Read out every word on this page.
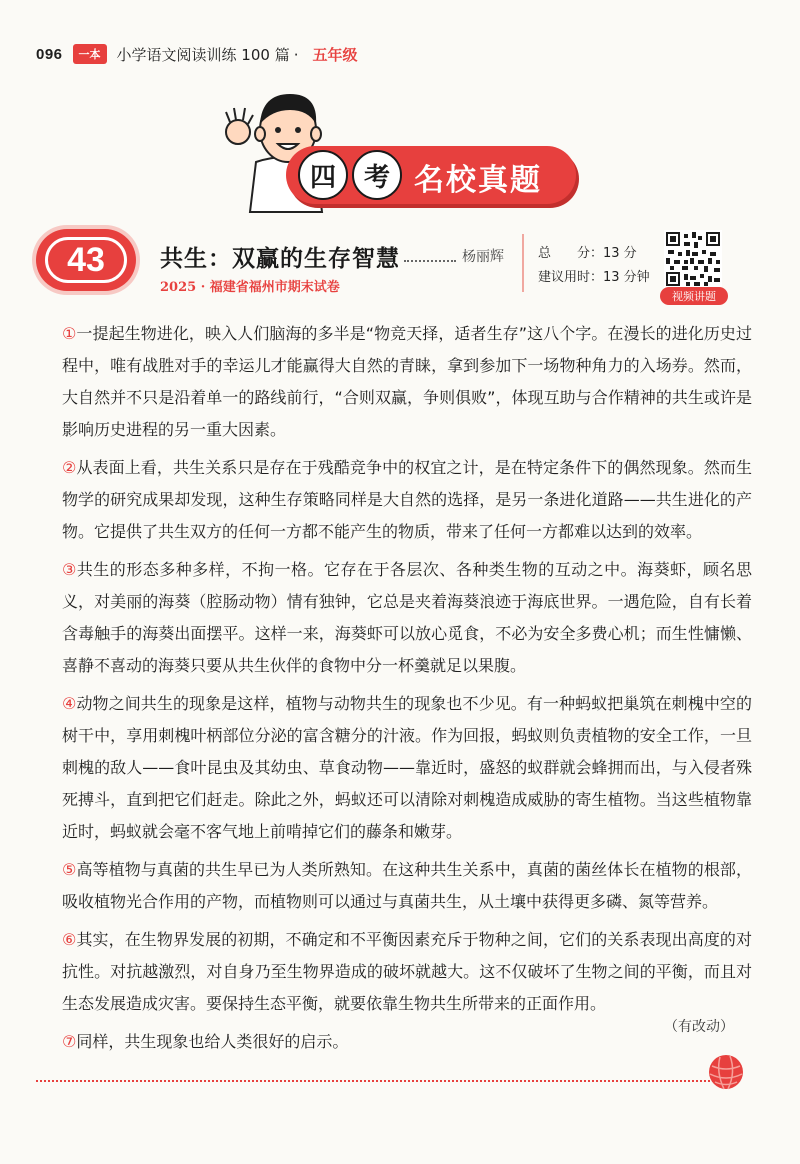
096	一本	小学语文阅读训练 100 篇 · 五年级
四	考 名校真题
43	共生：双赢的生存智慧	杨丽辉
2025 · 福建省福州市期末试卷
总　　分：13 分
建议用时：13 分钟
视频讲题

①一提起生物进化，映入人们脑海的多半是“物竞天择，适者生存”这八个字。在漫长的进化历史过程中，唯有战胜对手的幸运儿才能赢得大自然的青睐，拿到参加下一场物种角力的入场券。然而，大自然并不只是沿着单一的路线前行，“合则双赢，争则俱败”，体现互助与合作精神的共生或许是影响历史进程的另一重大因素。

②从表面上看，共生关系只是存在于残酷竞争中的权宜之计，是在特定条件下的偶然现象。然而生物学的研究成果却发现，这种生存策略同样是大自然的选择，是另一条进化道路——共生进化的产物。它提供了共生双方的任何一方都不能产生的物质，带来了任何一方都难以达到的效率。

③共生的形态多种多样，不拘一格。它存在于各层次、各种类生物的互动之中。海葵虾，顾名思义，对美丽的海葵（腔肠动物）情有独钟，它总是夹着海葵浪迹于海底世界。一遇危险，自有长着含毒触手的海葵出面摆平。这样一来，海葵虾可以放心觅食，不必为安全多费心机；而生性慵懒、喜静不喜动的海葵只要从共生伙伴的食物中分一杯羹就足以果腹。

④动物之间共生的现象是这样，植物与动物共生的现象也不少见。有一种蚂蚁把巢筑在刺槐中空的树干中，享用刺槐叶柄部位分泌的富含糖分的汁液。作为回报，蚂蚁则负责植物的安全工作，一旦刺槐的敌人——食叶昆虫及其幼虫、草食动物——靠近时，盛怒的蚁群就会蜂拥而出，与入侵者殊死搏斗，直到把它们赶走。除此之外，蚂蚁还可以清除对刺槐造成威胁的寄生植物。当这些植物靠近时，蚂蚁就会毫不客气地上前啃掉它们的藤条和嫩芽。

⑤高等植物与真菌的共生早已为人类所熟知。在这种共生关系中，真菌的菌丝体长在植物的根部，吸收植物光合作用的产物，而植物则可以通过与真菌共生，从土壤中获得更多磷、氮等营养。

⑥其实，在生物界发展的初期，不确定和不平衡因素充斥于物种之间，它们的关系表现出高度的对抗性。对抗越激烈，对自身乃至生物界造成的破坏就越大。这不仅破坏了生物之间的平衡，而且对生态发展造成灾害。要保持生态平衡，就要依靠生物共生所带来的正面作用。

⑦同样，共生现象也给人类很好的启示。

（有改动）
